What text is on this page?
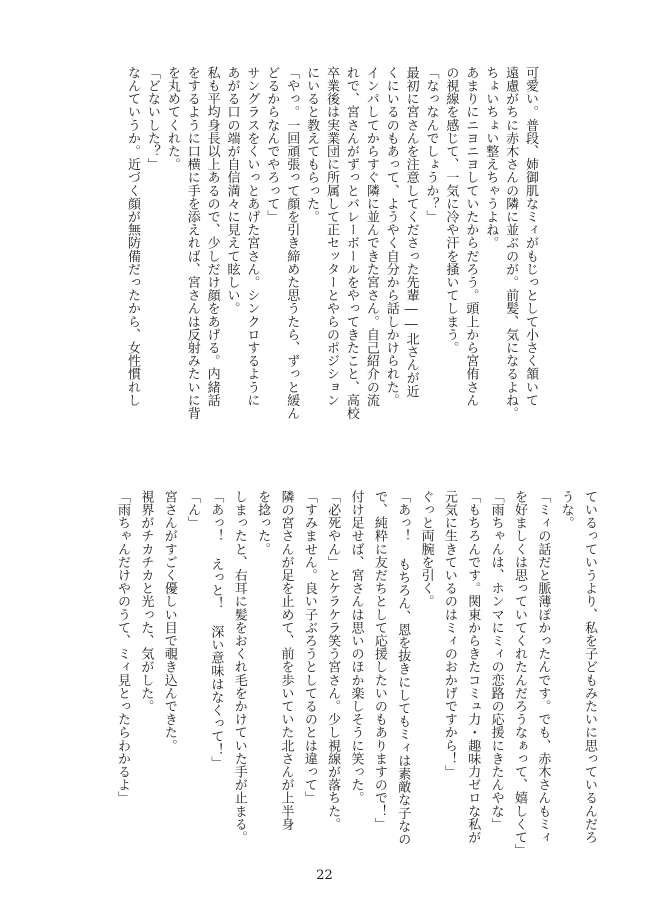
可愛い。普段、姉御肌なミィがもじっとして小さく頷いて
遠慮がちに赤木さんの隣に並ぶのが。前髪、気になるよね。
ちょいちょい整えちゃうよね。
あまりにニヨニヨしていたからだろう。頭上から宮侑さん
の視線を感じて、一気に冷や汗を掻いてしまう。
「なっなんでしょうか？」
最初に宮さんを注意してくださった先輩――北さんが近
くにいるのもあって、ようやく自分から話しかけられた。
インパしてからすぐ隣に並んできた宮さん。自己紹介の流
れで、宮さんがずっとバレーボールをやってきたこと、高校
卒業後は実業団に所属して正セッターとやらのポジション
にいると教えてもらった。
「やっ。一回頑張って顔を引き締めた思うたら、ずっと緩ん
どるからなんでやろって」
サングラスをくいっとあげた宮さん。シンクロするように
あがる口の端が自信満々に見えて眩しい。
私も平均身長以上あるので、少しだけ顔をあげる。内緒話
をするように口横に手を添えれば、宮さんは反射みたいに背
を丸めてくれた。
「どないした？」
なんていうか。近づく顔が無防備だったから、女性慣れし
ているっていうより、私を子どもみたいに思っているんだろ
うな。
「ミィの話だと脈薄ぽかったんです。でも、赤木さんもミィ
を好ましくは思っていてくれたんだろうなぁって、嬉しくて」
「雨ちゃんは、ホンマにミィの恋路の応援にきたんやな」
「もちろんです。関東からきたコミュ力・趣味力ゼロな私が
元気に生きているのはミィのおかげですから！」
ぐっと両腕を引く。
「あっ！ もちろん、恩を抜きにしてもミィは素敵な子なの
で、純粋に友だちとして応援したいのもありますので！」
付け足せば、宮さんは思いのほか楽しそうに笑った。
「必死やん」とケラケラ笑う宮さん。少し視線が落ちた。
「すみません。良い子ぶろうとしてるのとは違って」
隣の宮さんが足を止めて、前を歩いていた北さんが上半身
を捻った。
しまったと、右耳に髪をおくれ毛をかけていた手が止まる。
「あっ！ えっと！ 深い意味はなくって！」
「ん」
宮さんがすごく優しい目で覗き込んできた。
視界がチカチカと光った、気がした。
「雨ちゃんだけやのうて、ミィ見とったらわかるよ」
22
